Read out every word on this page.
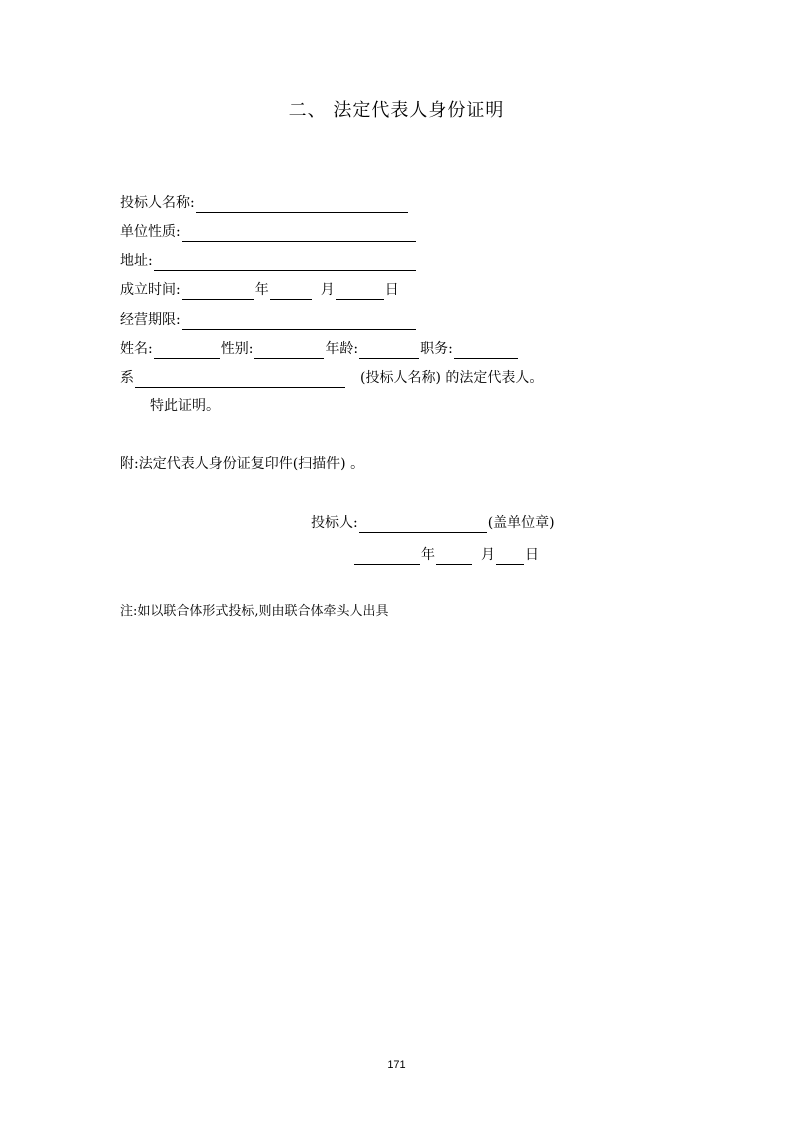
二、 法定代表人身份证明
投标人名称:
单位性质:
地址:
成立时间:	年	月	日
经营期限:
姓名:	性别:	年龄:	职务:
系	(投标人名称) 的法定代表人。
特此证明。
附:法定代表人身份证复印件(扫描件) 。
投标人:	(盖单位章)
年	月 日
注:如以联合体形式投标,则由联合体牵头人出具
171
